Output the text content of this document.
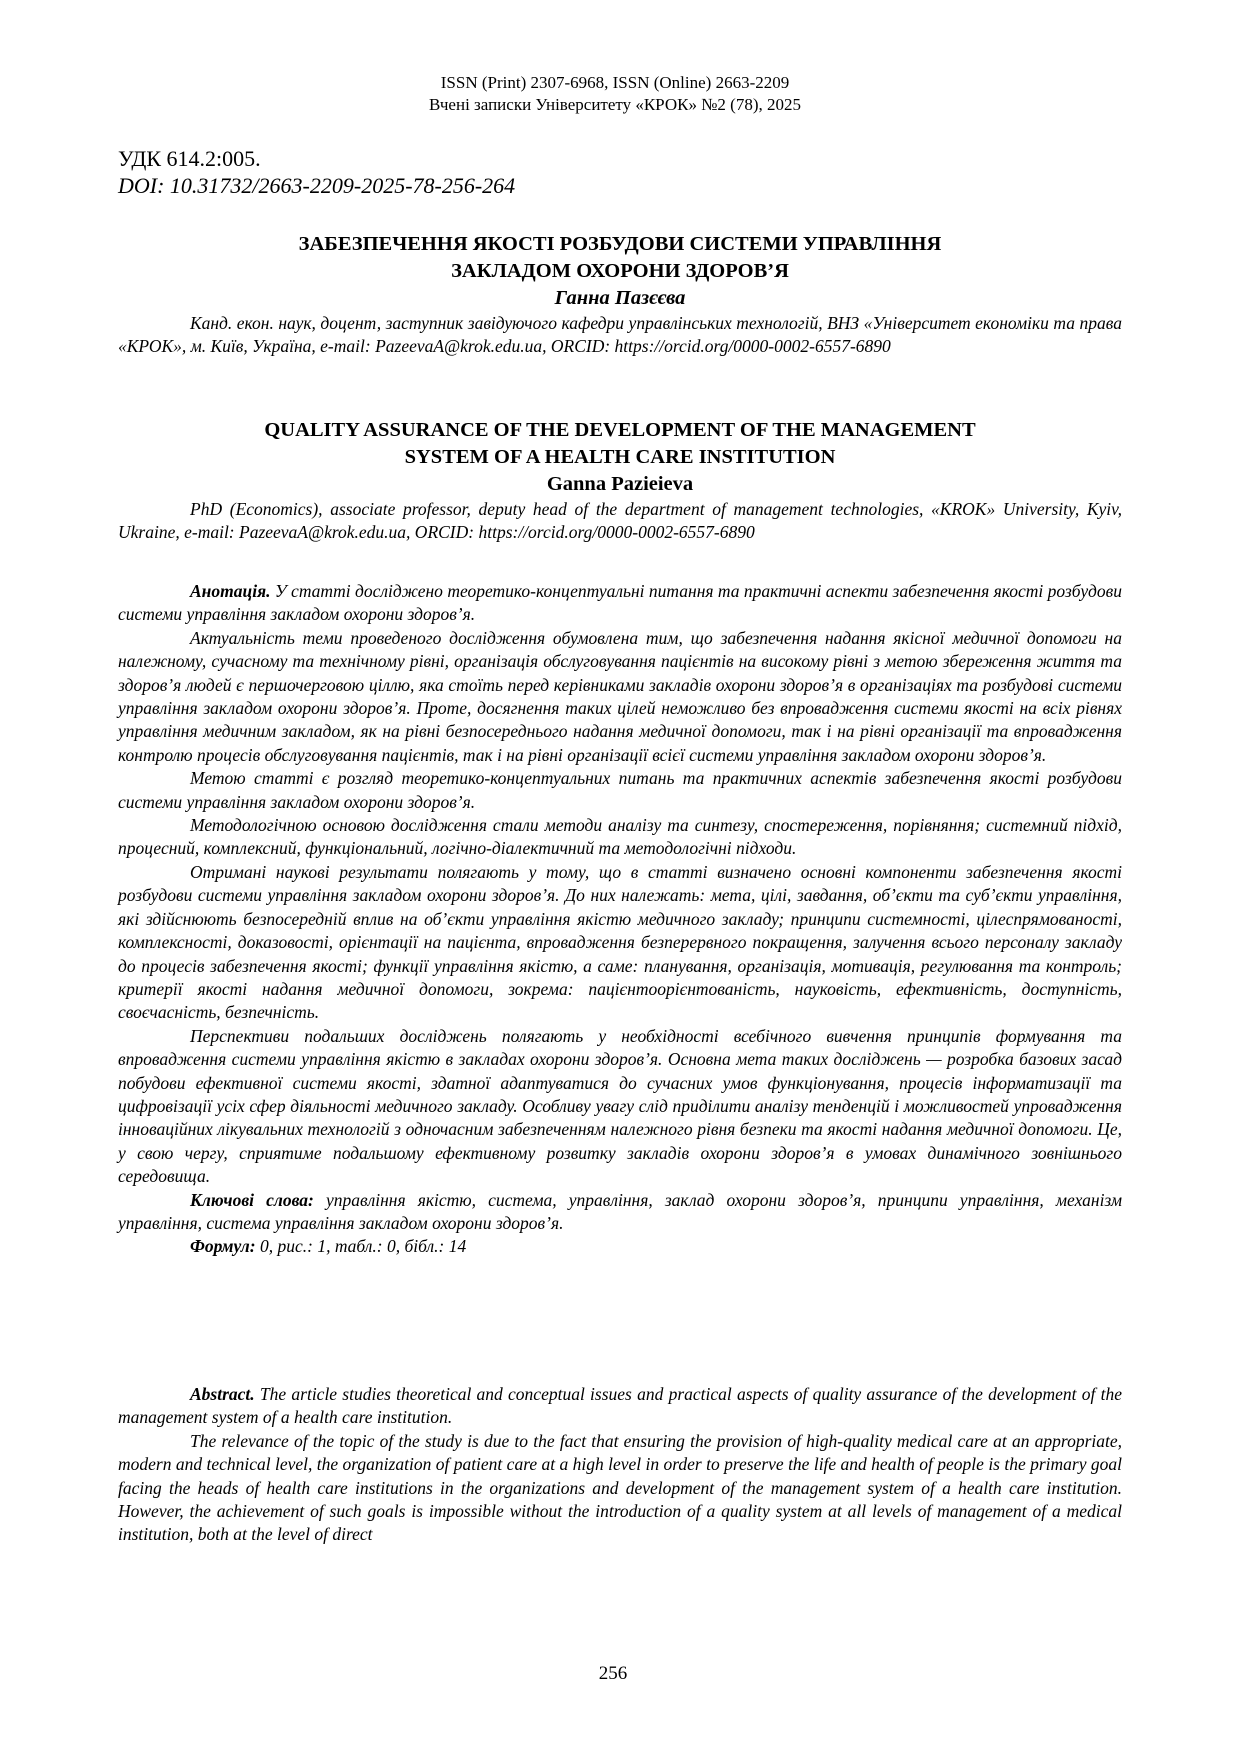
ISSN (Print) 2307-6968, ISSN (Online) 2663-2209
Вчені записки Університету «КРОК» №2 (78), 2025
УДК 614.2:005.
DOI: 10.31732/2663-2209-2025-78-256-264
ЗАБЕЗПЕЧЕННЯ ЯКОСТІ РОЗБУДОВИ СИСТЕМИ УПРАВЛІННЯ
ЗАКЛАДОМ ОХОРОНИ ЗДОРОВ’Я
Ганна Пазєєва
Канд. екон. наук, доцент, заступник завідуючого кафедри управлінських технологій, ВНЗ «Університет економіки та права «КРОК», м. Київ, Україна, e-mail: PazeevaA@krok.edu.ua, ORCID: https://orcid.org/0000-0002-6557-6890
QUALITY ASSURANCE OF THE DEVELOPMENT OF THE MANAGEMENT
SYSTEM OF A HEALTH CARE INSTITUTION
Ganna Pazieieva
PhD (Economics), associate professor, deputy head of the department of management technologies, «KROK» University, Kyiv, Ukraine, e-mail: PazeevaA@krok.edu.ua, ORCID: https://orcid.org/0000-0002-6557-6890

Анотація. У статті досліджено теоретико-концептуальні питання та практичні аспекти забезпечення якості розбудови системи управління закладом охорони здоров’я.

Актуальність теми проведеного дослідження обумовлена тим, що забезпечення надання якісної медичної допомоги на належному, сучасному та технічному рівні, організація обслуговування пацієнтів на високому рівні з метою збереження життя та здоров’я людей є першочерговою ціллю, яка стоїть перед керівниками закладів охорони здоров’я в організаціях та розбудові системи управління закладом охорони здоров’я. Проте, досягнення таких цілей неможливо без впровадження системи якості на всіх рівнях управління медичним закладом, як на рівні безпосереднього надання медичної допомоги, так і на рівні організації та впровадження контролю процесів обслуговування пацієнтів, так і на рівні організації всієї системи управління закладом охорони здоров’я.

Метою статті є розгляд теоретико-концептуальних питань та практичних аспектів забезпечення якості розбудови системи управління закладом охорони здоров’я.

Методологічною основою дослідження стали методи аналізу та синтезу, спостереження, порівняння; системний підхід, процесний, комплексний, функціональний, логічно-діалектичний та методологічні підходи.

Отримані наукові результати полягають у тому, що в статті визначено основні компоненти забезпечення якості розбудови системи управління закладом охорони здоров’я. До них належать: мета, цілі, завдання, об’єкти та суб’єкти управління, які здійснюють безпосередній вплив на об’єкти управління якістю медичного закладу; принципи системності, цілеспрямованості, комплексності, доказовості, орієнтації на пацієнта, впровадження безперервного покращення, залучення всього персоналу закладу до процесів забезпечення якості; функції управління якістю, а саме: планування, організація, мотивація, регулювання та контроль; критерії якості надання медичної допомоги, зокрема: пацієнтоорієнтованість, науковість, ефективність, доступність, своєчасність, безпечність.

Перспективи подальших досліджень полягають у необхідності всебічного вивчення принципів формування та впровадження системи управління якістю в закладах охорони здоров’я. Основна мета таких досліджень — розробка базових засад побудови ефективної системи якості, здатної адаптуватися до сучасних умов функціонування, процесів інформатизації та цифровізації усіх сфер діяльності медичного закладу. Особливу увагу слід приділити аналізу тенденцій і можливостей упровадження інноваційних лікувальних технологій з одночасним забезпеченням належного рівня безпеки та якості надання медичної допомоги. Це, у свою чергу, сприятиме подальшому ефективному розвитку закладів охорони здоров’я в умовах динамічного зовнішнього середовища.

Ключові слова: управління якістю, система, управління, заклад охорони здоров’я, принципи управління, механізм управління, система управління закладом охорони здоров’я.

Формул: 0, рис.: 1, табл.: 0, бібл.: 14

Abstract. The article studies theoretical and conceptual issues and practical aspects of quality assurance of the development of the management system of a health care institution.

The relevance of the topic of the study is due to the fact that ensuring the provision of high-quality medical care at an appropriate, modern and technical level, the organization of patient care at a high level in order to preserve the life and health of people is the primary goal facing the heads of health care institutions in the organizations and development of the management system of a health care institution. However, the achievement of such goals is impossible without the introduction of a quality system at all levels of management of a medical institution, both at the level of direct

256
